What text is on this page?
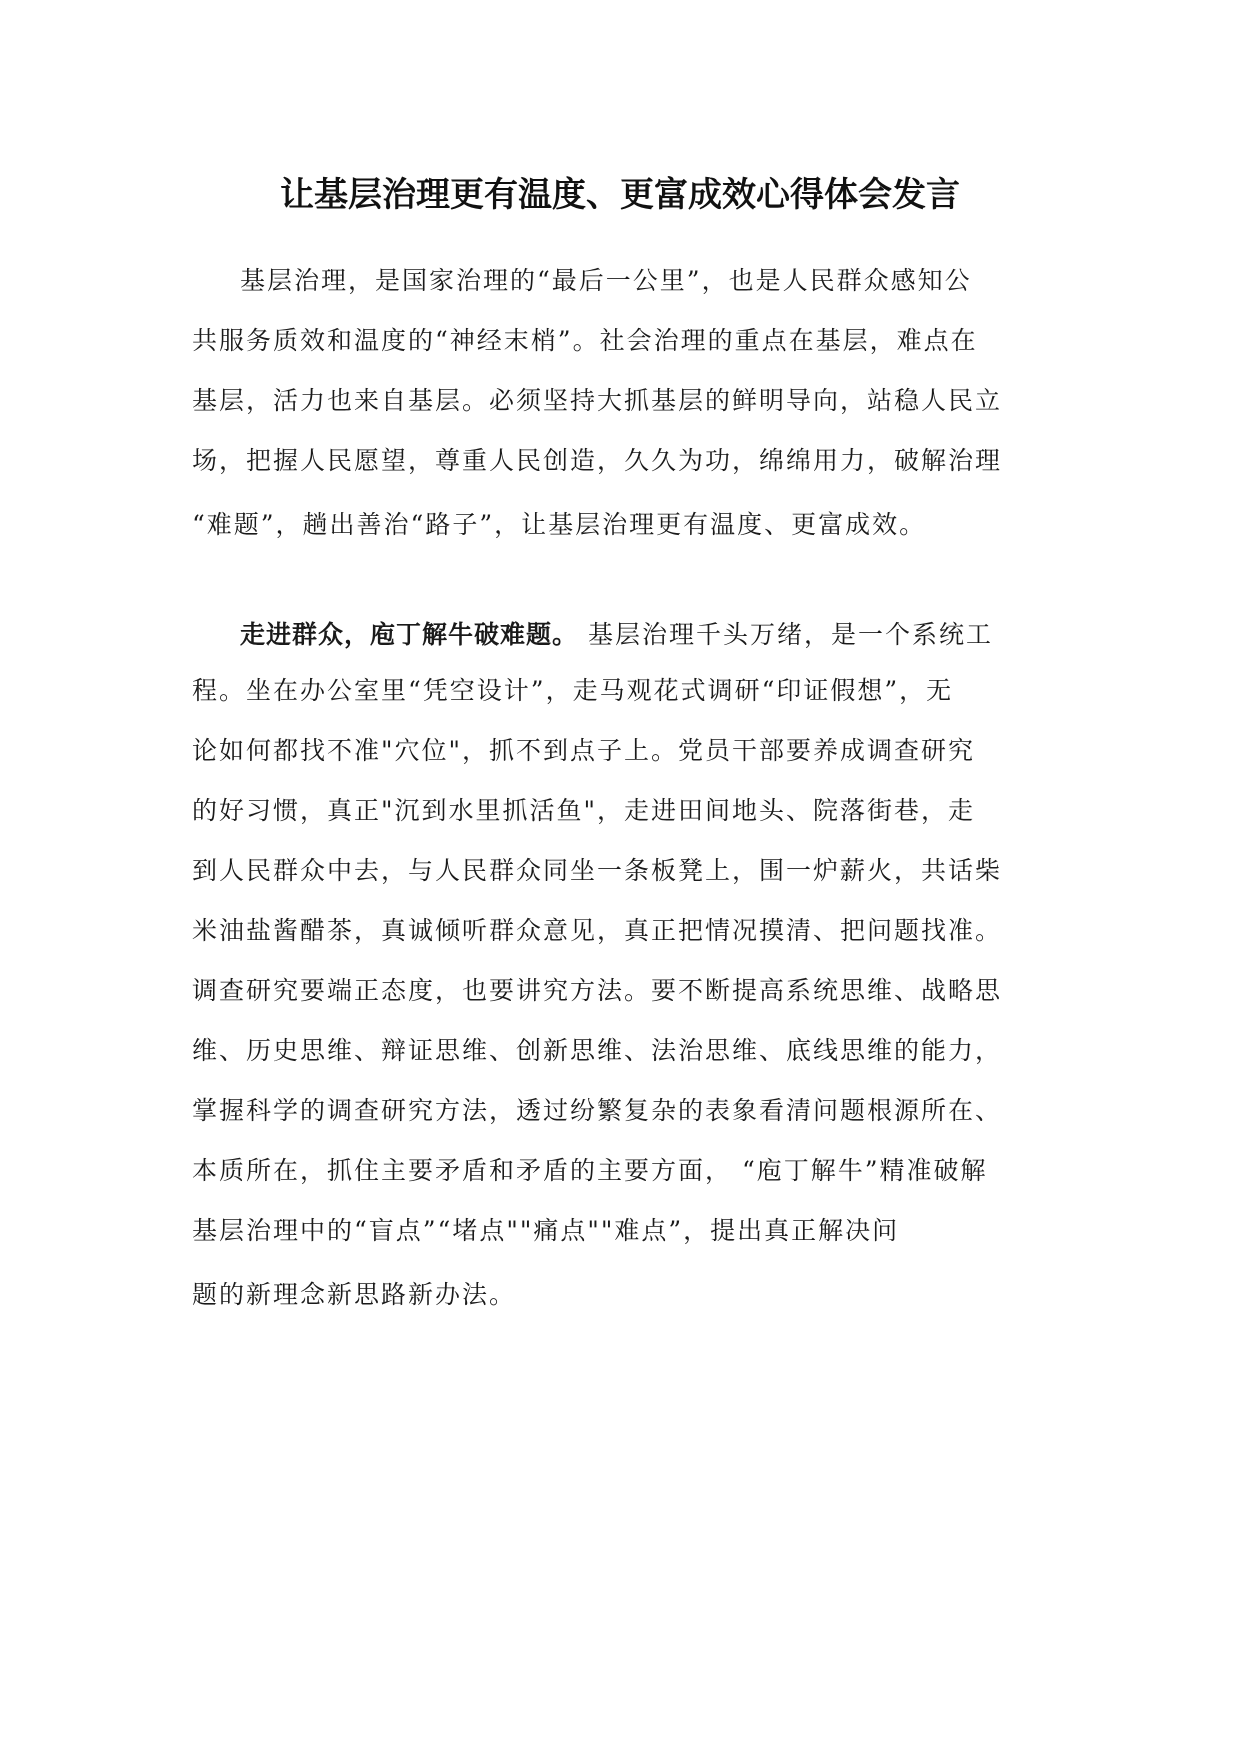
让基层治理更有温度、更富成效心得体会发言
基层治理，是国家治理的“最后一公里”，也是人民群众感知公
共服务质效和温度的“神经末梢”。社会治理的重点在基层，难点在
基层，活力也来自基层。必须坚持大抓基层的鲜明导向，站稳人民立
场，把握人民愿望，尊重人民创造，久久为功，绵绵用力，破解治理
“难题”，趟出善治“路子”，让基层治理更有温度、更富成效。
走进群众，庖丁解牛破难题。 基层治理千头万绪，是一个系统工
程。坐在办公室里“凭空设计”，走马观花式调研“印证假想”，无
论如何都找不准"穴位"，抓不到点子上。党员干部要养成调查研究
的好习惯，真正"沉到水里抓活鱼"，走进田间地头、院落街巷，走
到人民群众中去，与人民群众同坐一条板凳上，围一炉薪火，共话柴
米油盐酱醋茶，真诚倾听群众意见，真正把情况摸清、把问题找准。
调查研究要端正态度，也要讲究方法。要不断提高系统思维、战略思
维、历史思维、辩证思维、创新思维、法治思维、底线思维的能力，
掌握科学的调查研究方法，透过纷繁复杂的表象看清问题根源所在、
本质所在，抓住主要矛盾和矛盾的主要方面， “庖丁解牛”精准破解
基层治理中的“盲点”“堵点""痛点""难点”，提出真正解决问
题的新理念新思路新办法。
